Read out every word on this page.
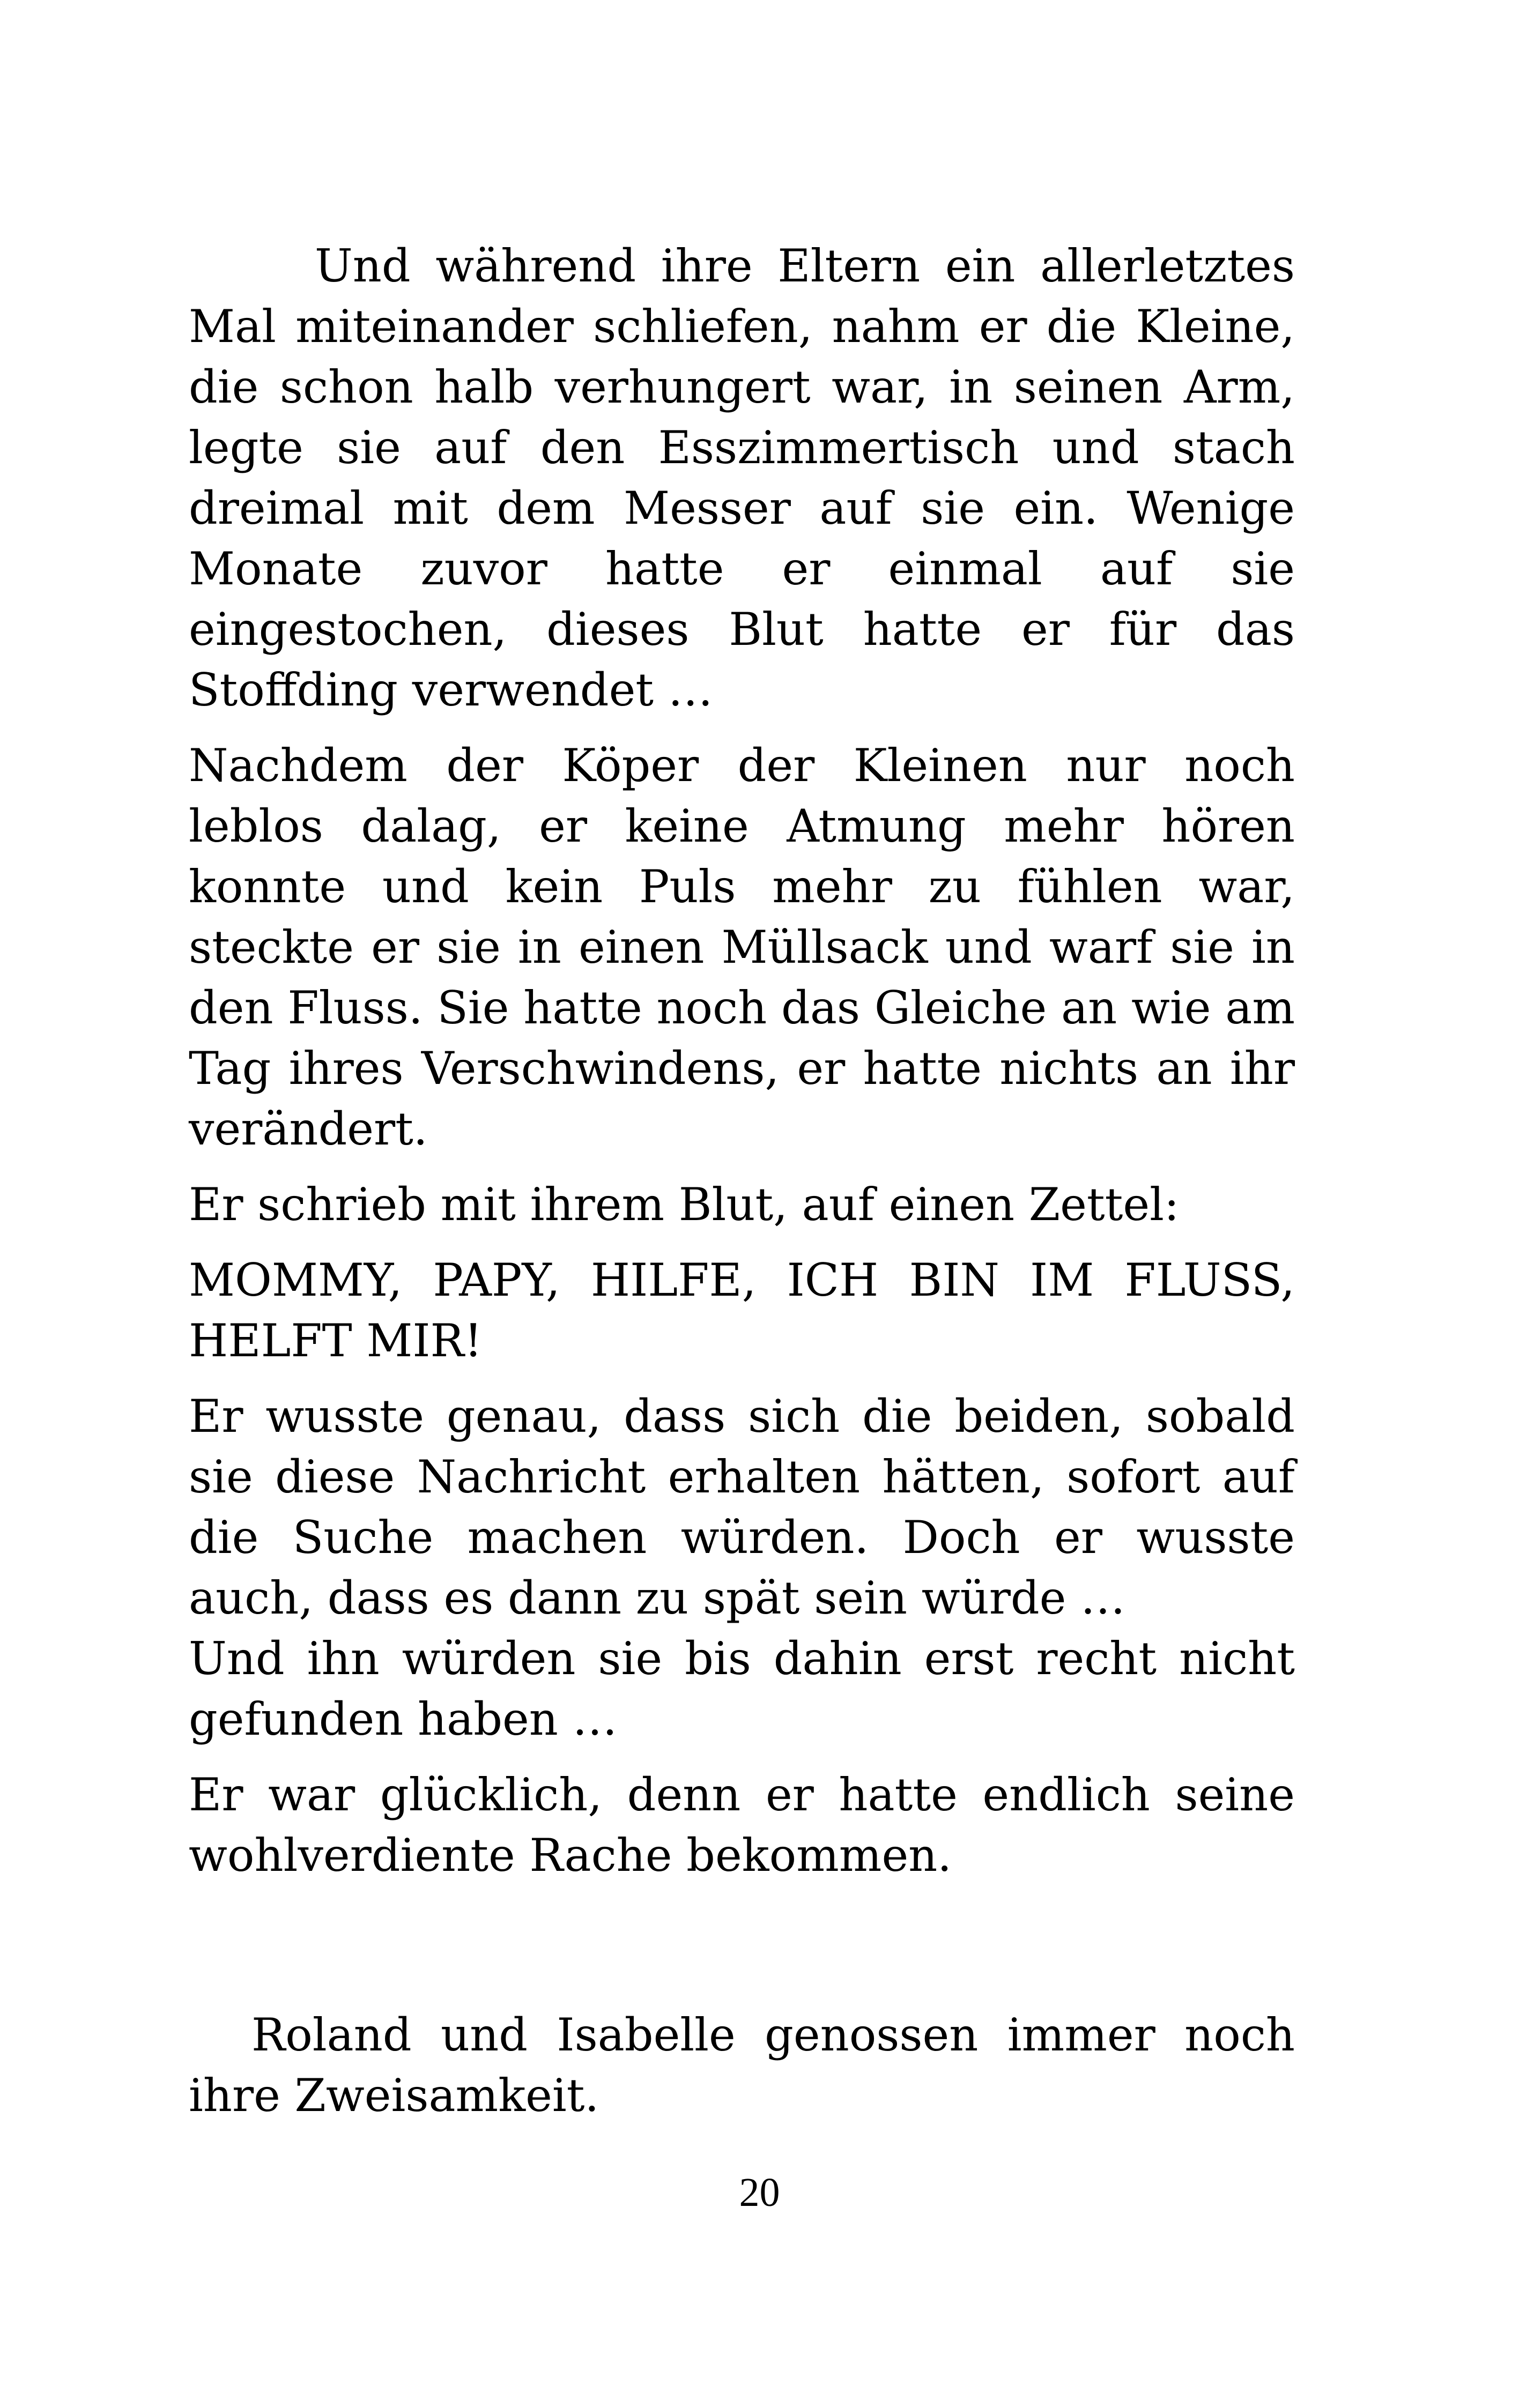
Und während ihre Eltern ein allerletztes Mal miteinander schliefen, nahm er die Kleine, die schon halb verhungert war, in seinen Arm, legte sie auf den Esszimmertisch und stach dreimal mit dem Messer auf sie ein. Wenige Monate zuvor hatte er einmal auf sie eingestochen, dieses Blut hatte er für das Stoffding verwendet …

Nachdem der Köper der Kleinen nur noch leblos dalag, er keine Atmung mehr hören konnte und kein Puls mehr zu fühlen war, steckte er sie in einen Müllsack und warf sie in den Fluss. Sie hatte noch das Gleiche an wie am Tag ihres Verschwindens, er hatte nichts an ihr verändert.

Er schrieb mit ihrem Blut, auf einen Zettel:

MOMMY, PAPY, HILFE, ICH BIN IM FLUSS, HELFT MIR!

Er wusste genau, dass sich die beiden, sobald sie diese Nachricht erhalten hätten, sofort auf die Suche machen würden. Doch er wusste auch, dass es dann zu spät sein würde …

Und ihn würden sie bis dahin erst recht nicht gefunden haben …

Er war glücklich, denn er hatte endlich seine wohlverdiente Rache bekommen.

Roland und Isabelle genossen immer noch ihre Zweisamkeit.

20
